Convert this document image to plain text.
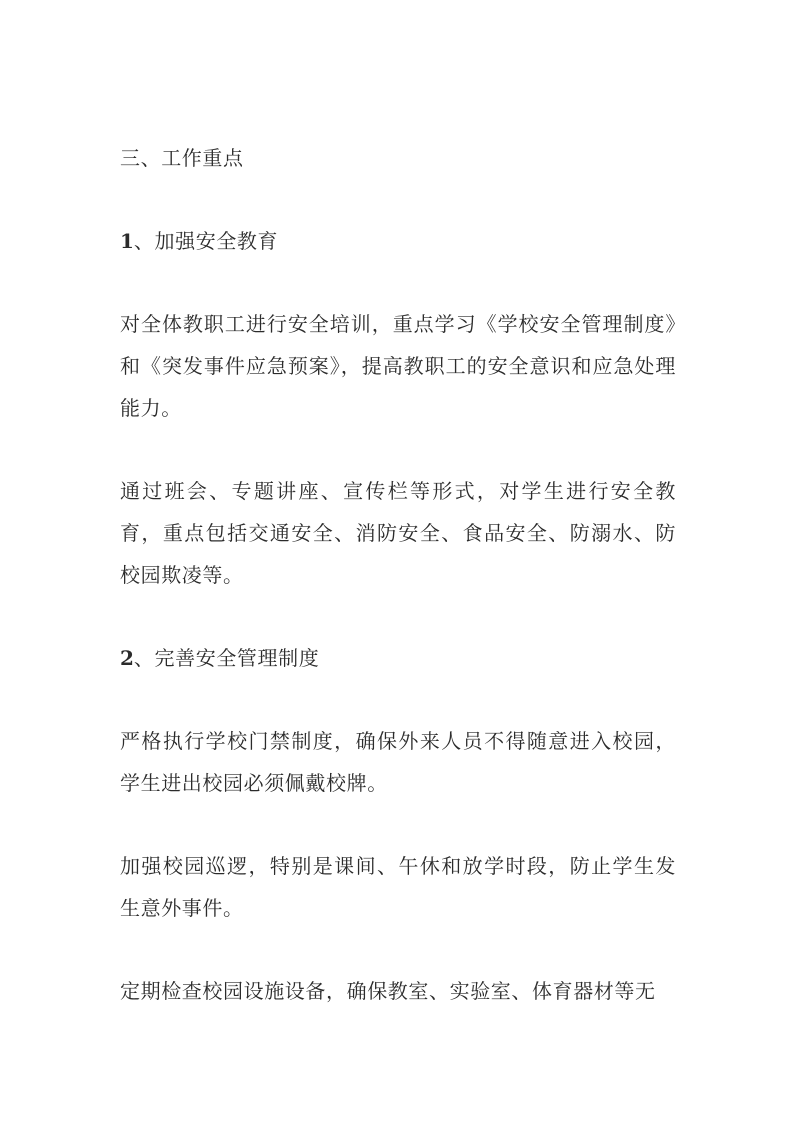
三、工作重点
1、加强安全教育

对全体教职工进行安全培训，重点学习《学校安全管理制度》和《突发事件应急预案》，提高教职工的安全意识和应急处理能力。

通过班会、专题讲座、宣传栏等形式，对学生进行安全教育，重点包括交通安全、消防安全、食品安全、防溺水、防校园欺凌等。

2、完善安全管理制度

严格执行学校门禁制度，确保外来人员不得随意进入校园，学生进出校园必须佩戴校牌。

加强校园巡逻，特别是课间、午休和放学时段，防止学生发生意外事件。

定期检查校园设施设备，确保教室、实验室、体育器材等无
